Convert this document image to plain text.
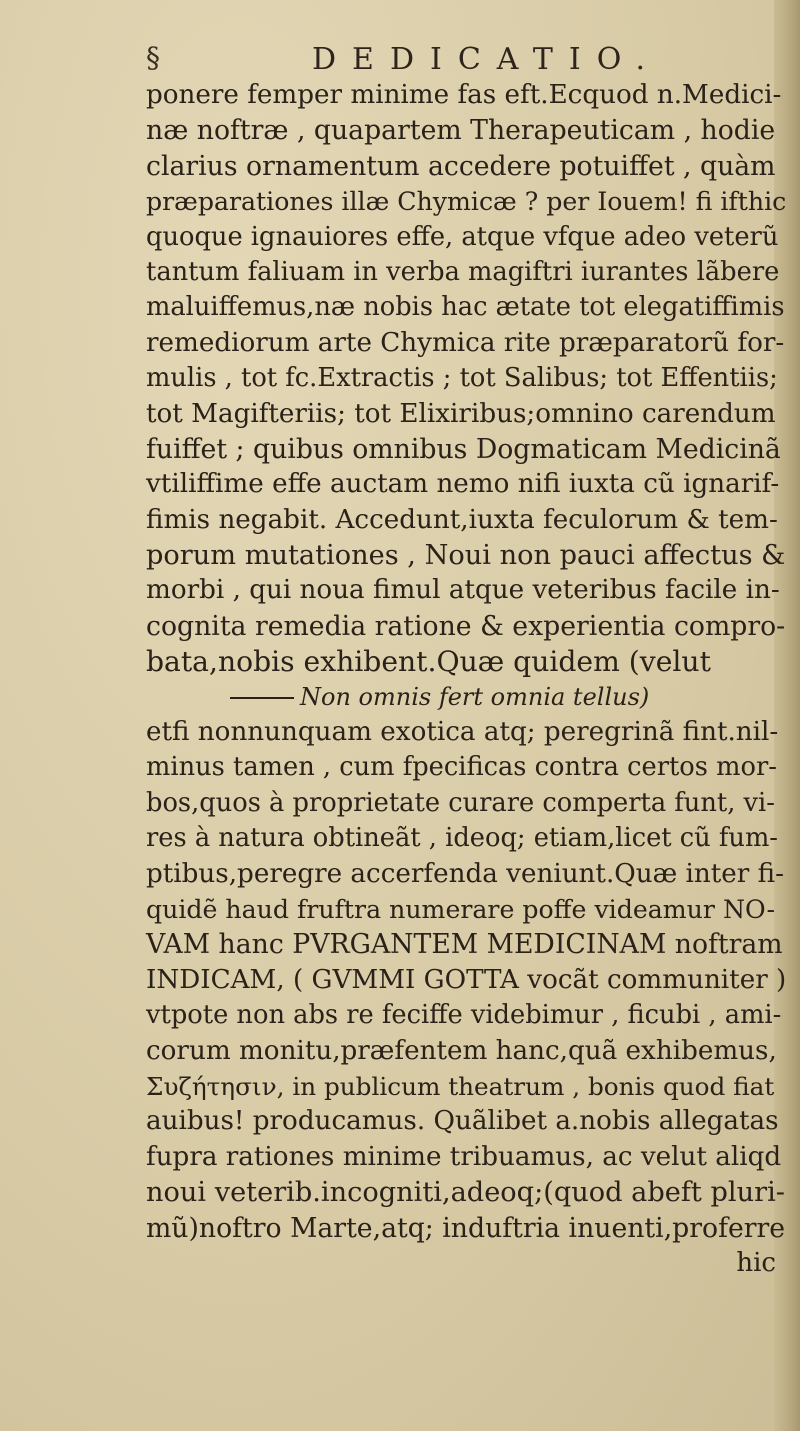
§	DEDICATIO.
ponere femper minime fas eft.Ecquod n.Medici-
næ noftræ , quapartem Therapeuticam , hodie
clarius ornamentum accedere potuiffet , quàm
præparationes illæ Chymicæ ? per Iouem! fi ifthic
quoque ignauiores effe, atque vfque adeo veterũ
tantum faliuam in verba magiftri iurantes lãbere
maluiffemus,næ nobis hac ætate tot elegatiffimis
remediorum arte Chymica rite præparatorũ for-
mulis , tot fc.Extractis ; tot Salibus; tot Effentiis;
tot Magifteriis; tot Elixiribus;omnino carendum
fuiffet ; quibus omnibus Dogmaticam Medicinã
vtiliffime effe auctam nemo nifi iuxta cũ ignarif-
fimis negabit. Accedunt,iuxta feculorum & tem-
porum mutationes , Noui non pauci affectus &
morbi , qui noua fimul atque veteribus facile in-
cognita remedia ratione & experientia compro-
bata,nobis exhibent.Quæ quidem (velut
Non omnis fert omnia tellus)
etfi nonnunquam exotica atq; peregrinã fint.nil-
minus tamen , cum fpecificas contra certos mor-
bos,quos à proprietate curare comperta funt, vi-
res à natura obtineãt , ideoq; etiam,licet cũ fum-
ptibus,peregre accerfenda veniunt.Quæ inter fi-
quidẽ haud fruftra numerare poffe videamur NO-
VAM hanc PVRGANTEM MEDICINAM noftram
INDICAM, ( GVMMI GOTTA vocãt communiter )
vtpote non abs re feciffe videbimur , ficubi , ami-
corum monitu,præfentem hanc,quã exhibemus,
Συζήτησιν, in publicum theatrum , bonis quod fiat
auibus! producamus. Quãlibet a.nobis allegatas
fupra rationes minime tribuamus, ac velut aliqd
noui veterib.incogniti,adeoq;(quod abeft pluri-
mũ)noftro Marte,atq; induftria inuenti,proferre
hic
